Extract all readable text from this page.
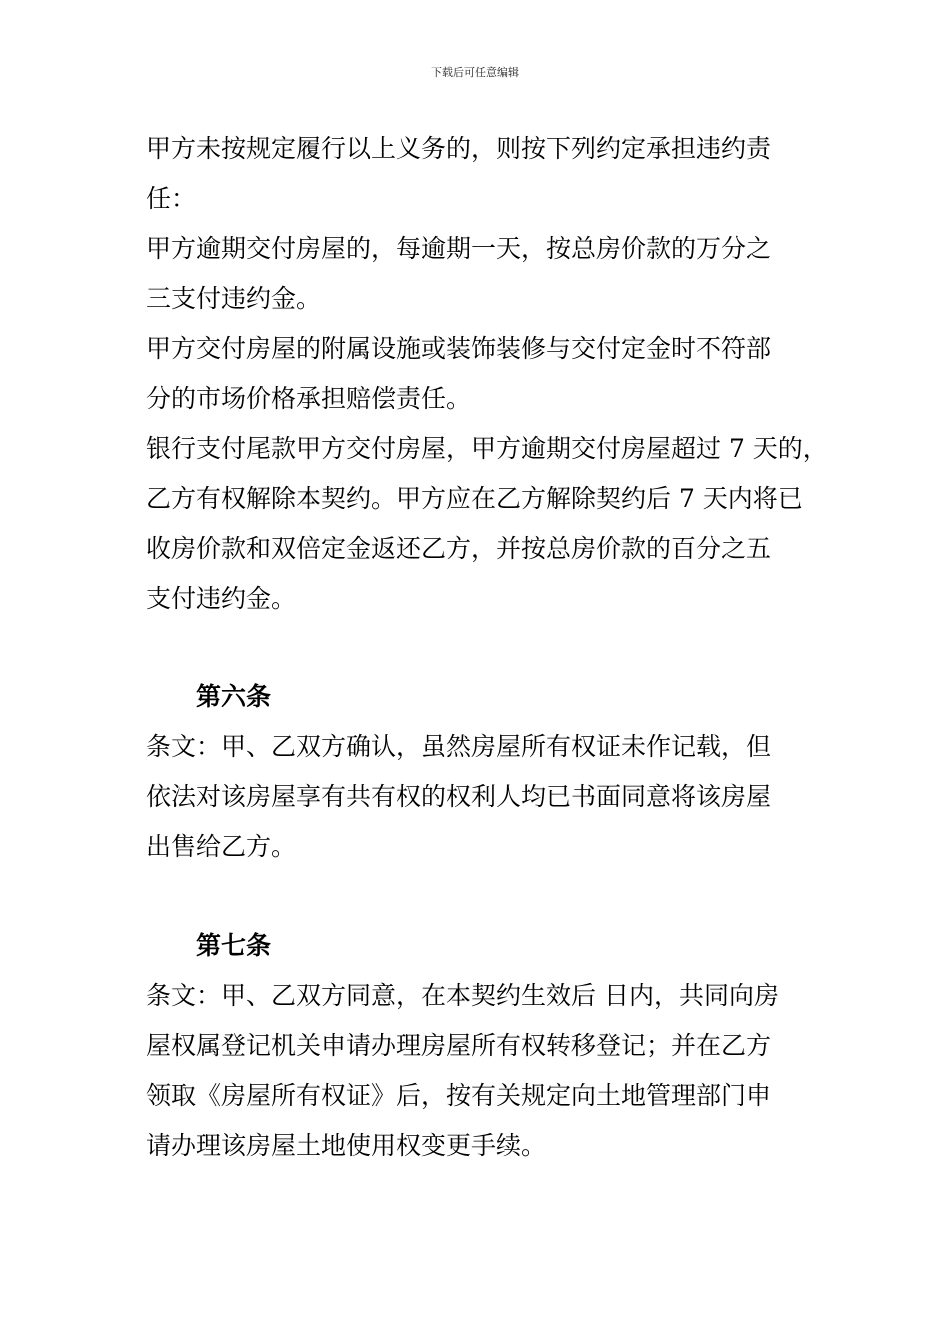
下载后可任意编辑
甲方未按规定履行以上义务的，则按下列约定承担违约责
任：
甲方逾期交付房屋的，每逾期一天，按总房价款的万分之
三支付违约金。
甲方交付房屋的附属设施或装饰装修与交付定金时不符部
分的市场价格承担赔偿责任。
银行支付尾款甲方交付房屋，甲方逾期交付房屋超过 7 天的，
乙方有权解除本契约。甲方应在乙方解除契约后 7 天内将已
收房价款和双倍定金返还乙方，并按总房价款的百分之五
支付违约金。
第六条
条文：甲、乙双方确认，虽然房屋所有权证未作记载，但
依法对该房屋享有共有权的权利人均已书面同意将该房屋
出售给乙方。
第七条
条文：甲、乙双方同意，在本契约生效后 日内，共同向房
屋权属登记机关申请办理房屋所有权转移登记；并在乙方
领取《房屋所有权证》后，按有关规定向土地管理部门申
请办理该房屋土地使用权变更手续。
